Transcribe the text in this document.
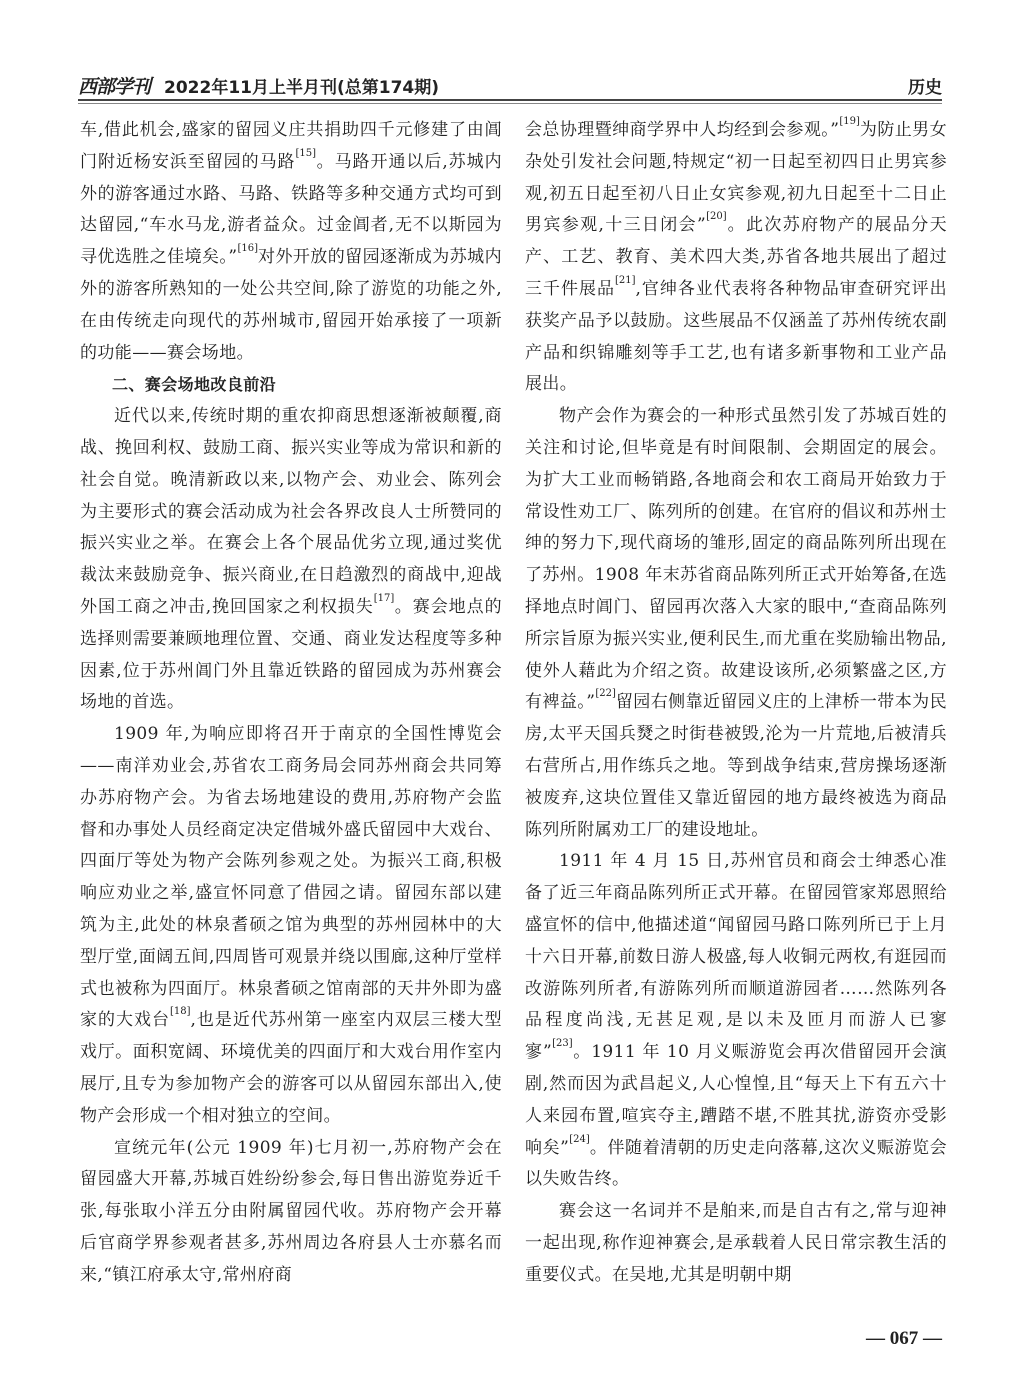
西部学刊 2022年11月上半月刊(总第174期)	历史

车,借此机会,盛家的留园义庄共捐助四千元修建了由阊门附近杨安浜至留园的马路[15]。马路开通以后,苏城内外的游客通过水路、马路、铁路等多种交通方式均可到达留园,“车水马龙,游者益众。过金阊者,无不以斯园为寻优选胜之佳境矣。”[16]对外开放的留园逐渐成为苏城内外的游客所熟知的一处公共空间,除了游览的功能之外,在由传统走向现代的苏州城市,留园开始承接了一项新的功能——赛会场地。

二、赛会场地改良前沿

近代以来,传统时期的重农抑商思想逐渐被颠覆,商战、挽回利权、鼓励工商、振兴实业等成为常识和新的社会自觉。晚清新政以来,以物产会、劝业会、陈列会为主要形式的赛会活动成为社会各界改良人士所赞同的振兴实业之举。在赛会上各个展品优劣立现,通过奖优裁汰来鼓励竞争、振兴商业,在日趋激烈的商战中,迎战外国工商之冲击,挽回国家之利权损失[17]。赛会地点的选择则需要兼顾地理位置、交通、商业发达程度等多种因素,位于苏州阊门外且靠近铁路的留园成为苏州赛会场地的首选。

1909 年,为响应即将召开于南京的全国性博览会——南洋劝业会,苏省农工商务局会同苏州商会共同筹办苏府物产会。为省去场地建设的费用,苏府物产会监督和办事处人员经商定决定借城外盛氏留园中大戏台、四面厅等处为物产会陈列参观之处。为振兴工商,积极响应劝业之举,盛宣怀同意了借园之请。留园东部以建筑为主,此处的林泉耆硕之馆为典型的苏州园林中的大型厅堂,面阔五间,四周皆可观景并绕以围廊,这种厅堂样式也被称为四面厅。林泉耆硕之馆南部的天井外即为盛家的大戏台[18],也是近代苏州第一座室内双层三楼大型戏厅。面积宽阔、环境优美的四面厅和大戏台用作室内展厅,且专为参加物产会的游客可以从留园东部出入,使物产会形成一个相对独立的空间。

宣统元年(公元 1909 年)七月初一,苏府物产会在留园盛大开幕,苏城百姓纷纷参会,每日售出游览券近千张,每张取小洋五分由附属留园代收。苏府物产会开幕后官商学界参观者甚多,苏州周边各府县人士亦慕名而来,“镇江府承太守,常州府商

会总协理暨绅商学界中人均经到会参观。”[19]为防止男女杂处引发社会问题,特规定“初一日起至初四日止男宾参观,初五日起至初八日止女宾参观,初九日起至十二日止男宾参观,十三日闭会”[20]。此次苏府物产的展品分天产、工艺、教育、美术四大类,苏省各地共展出了超过三千件展品[21],官绅各业代表将各种物品审查研究评出获奖产品予以鼓励。这些展品不仅涵盖了苏州传统农副产品和织锦雕刻等手工艺,也有诸多新事物和工业产品展出。

物产会作为赛会的一种形式虽然引发了苏城百姓的关注和讨论,但毕竟是有时间限制、会期固定的展会。为扩大工业而畅销路,各地商会和农工商局开始致力于常设性劝工厂、陈列所的创建。在官府的倡议和苏州士绅的努力下,现代商场的雏形,固定的商品陈列所出现在了苏州。1908 年末苏省商品陈列所正式开始筹备,在选择地点时阊门、留园再次落入大家的眼中,“查商品陈列所宗旨原为振兴实业,便利民生,而尤重在奖励输出物品,使外人藉此为介绍之资。故建设该所,必须繁盛之区,方有裨益。”[22]留园右侧靠近留园义庄的上津桥一带本为民房,太平天国兵燹之时街巷被毁,沦为一片荒地,后被清兵右营所占,用作练兵之地。等到战争结束,营房操场逐渐被废弃,这块位置佳又靠近留园的地方最终被选为商品陈列所附属劝工厂的建设地址。

1911 年 4 月 15 日,苏州官员和商会士绅悉心准备了近三年商品陈列所正式开幕。在留园管家郑恩照给盛宣怀的信中,他描述道“闻留园马路口陈列所已于上月十六日开幕,前数日游人极盛,每人收铜元两枚,有逛园而改游陈列所者,有游陈列所而顺道游园者……然陈列各品程度尚浅,无甚足观,是以未及匝月而游人已寥寥”[23]。1911 年 10 月义赈游览会再次借留园开会演剧,然而因为武昌起义,人心惶惶,且“每天上下有五六十人来园布置,喧宾夺主,蹧踏不堪,不胜其扰,游资亦受影响矣”[24]。伴随着清朝的历史走向落幕,这次义赈游览会以失败告终。

赛会这一名词并不是舶来,而是自古有之,常与迎神一起出现,称作迎神赛会,是承载着人民日常宗教生活的重要仪式。在吴地,尤其是明朝中期

— 067 —
